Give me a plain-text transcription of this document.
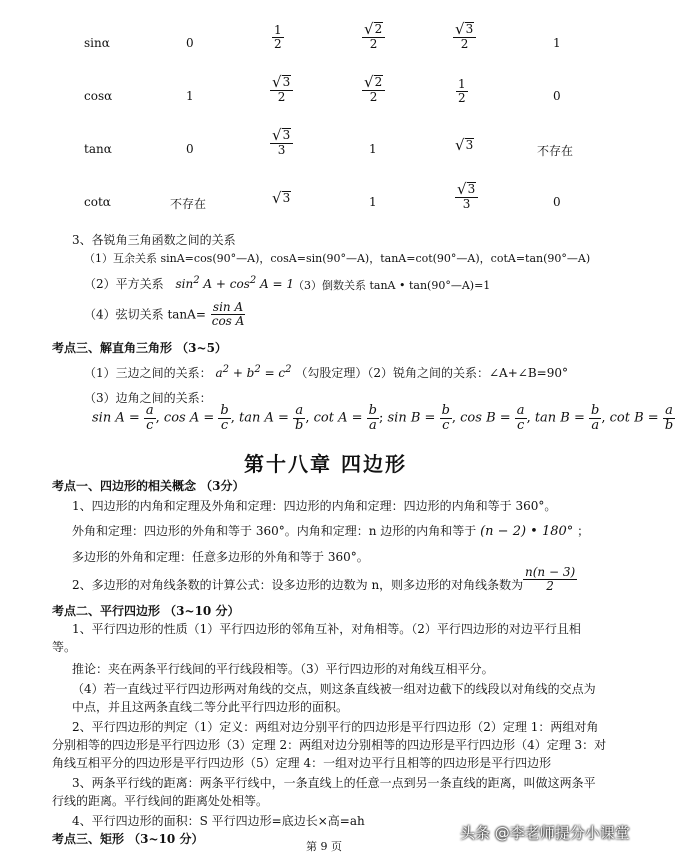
sinα	0	$\frac{1}{2}$	$\frac{√ 2}{2}$	$\frac{√ 3}{2}$	1
cosα	1	$\frac{√ 3}{2}$	$\frac{√ 2}{2}$	$\frac{1}{2}$	0
tanα	0	$\frac{√ 3}{3}$	1	√ 3	不存在
cotα	不存在	√ 3	1	$\frac{√ 3}{3}$	0
3、各锐角三角函数之间的关系
（1）互余关系 sinA=cos(90°—A)，cosA=sin(90°—A)，tanA=cot(90°—A)，cotA=tan(90°—A)
（2）平方关系 $\sin^2 A + \cos^2 A = 1$
（3）倒数关系 tanA • tan(90°—A)=1
（4）弦切关系 $\tan A= \frac{\text{sin A}}{\text{cos A}}$
考点三、解直角三角形 （3~5）
（1）三边之间的关系： $a^2 + b^2 = c^2$ （勾股定理）（2）锐角之间的关系：∠A+∠B=90°
（3）边角之间的关系：
$\sin A = \frac{a}{c}$ , $\cos A = \frac{b}{c}$ , $\tan A = \frac{a}{b}$ , $\cot A = \frac{b}{a}$ ; $\sin B = \frac{b}{c}$ , $\cos B = \frac{a}{c}$ , $\tan B = \frac{b}{a}$ , $\cot B = \frac{a}{b}$
第十八章 四边形
考点一、四边形的相关概念 （3分）
1、四边形的内角和定理及外角和定理：四边形的内角和定理：四边形的内角和等于 360°。
外角和定理：四边形的外角和等于 360°。内角和定理：n 边形的内角和等于 (n − 2) • 180° ；
多边形的外角和定理：任意多边形的外角和等于 360°。
2、多边形的对角线条数的计算公式：设多边形的边数为 n，则多边形的对角线条数为 $\frac{n(n - 3)}{2}$
考点二、平行四边形 （3~10 分）
1、平行四边形的性质（1）平行四边形的邻角互补，对角相等。（2）平行四边形的对边平行且相
等。
推论：夹在两条平行线间的平行线段相等。（3）平行四边形的对角线互相平分。
（4）若一直线过平行四边形两对角线的交点，则这条直线被一组对边截下的线段以对角线的交点为
中点，并且这两条直线二等分此平行四边形的面积。
2、平行四边形的判定（1）定义：两组对边分别平行的四边形是平行四边形（2）定理 1：两组对角
分别相等的四边形是平行四边形（3）定理 2：两组对边分别相等的四边形是平行四边形（4）定理 3：对
角线互相平分的四边形是平行四边形（5）定理 4：一组对边平行且相等的四边形是平行四边形
3、两条平行线的距离：两条平行线中，一条直线上的任意一点到另一条直线的距离，叫做这两条平
行线的距离。平行线间的距离处处相等。
4、平行四边形的面积：S 平行四边形=底边长×高=ah
考点三、矩形 （3~10 分）
第 9 页
头条 @李老师提分小课堂
